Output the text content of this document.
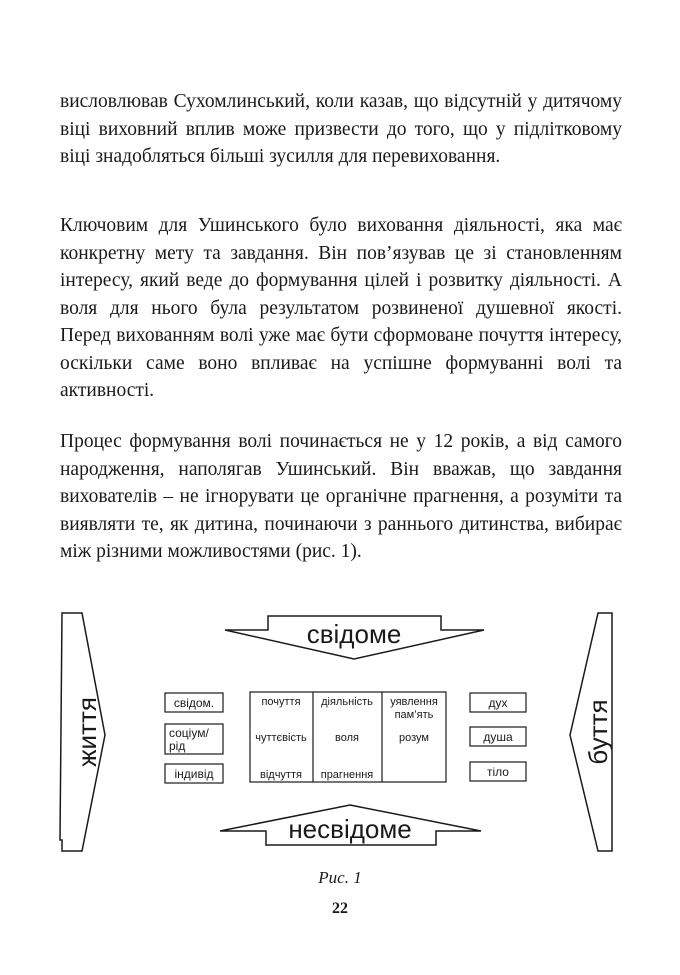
висловлював Сухомлинський, коли казав, що відсутній у дитячому віці виховний вплив може призвести до того, що у підлітковому віці знадобляться більші зусилля для перевиховання.

Ключовим для Ушинського було виховання діяльності, яка має конкретну мету та завдання. Він пов’язував це зі становленням інтересу, який веде до формування цілей і розвитку діяльності. А воля для нього була результатом розвиненої душевної якості. Перед вихованням волі уже має бути сформоване почуття інтересу, оскільки саме воно впливає на успішне формуванні волі та активності.

Процес формування волі починається не у 12 років, а від самого народження, наполягав Ушинський. Він вважав, що завдання вихователів – не ігнорувати це органічне прагнення, а розуміти та виявляти те, як дитина, починаючи з раннього дитинства, вибирає між різними можливостями (рис. 1).

свідоме
несвідоме
життя	буття
свідом.
соціум/
рід
індивід
почуття
чуттєвість
відчуття
діяльність
воля
прагнення
уявлення
пам’ять
розум
дух
душа
тіло

Рис. 1

22
